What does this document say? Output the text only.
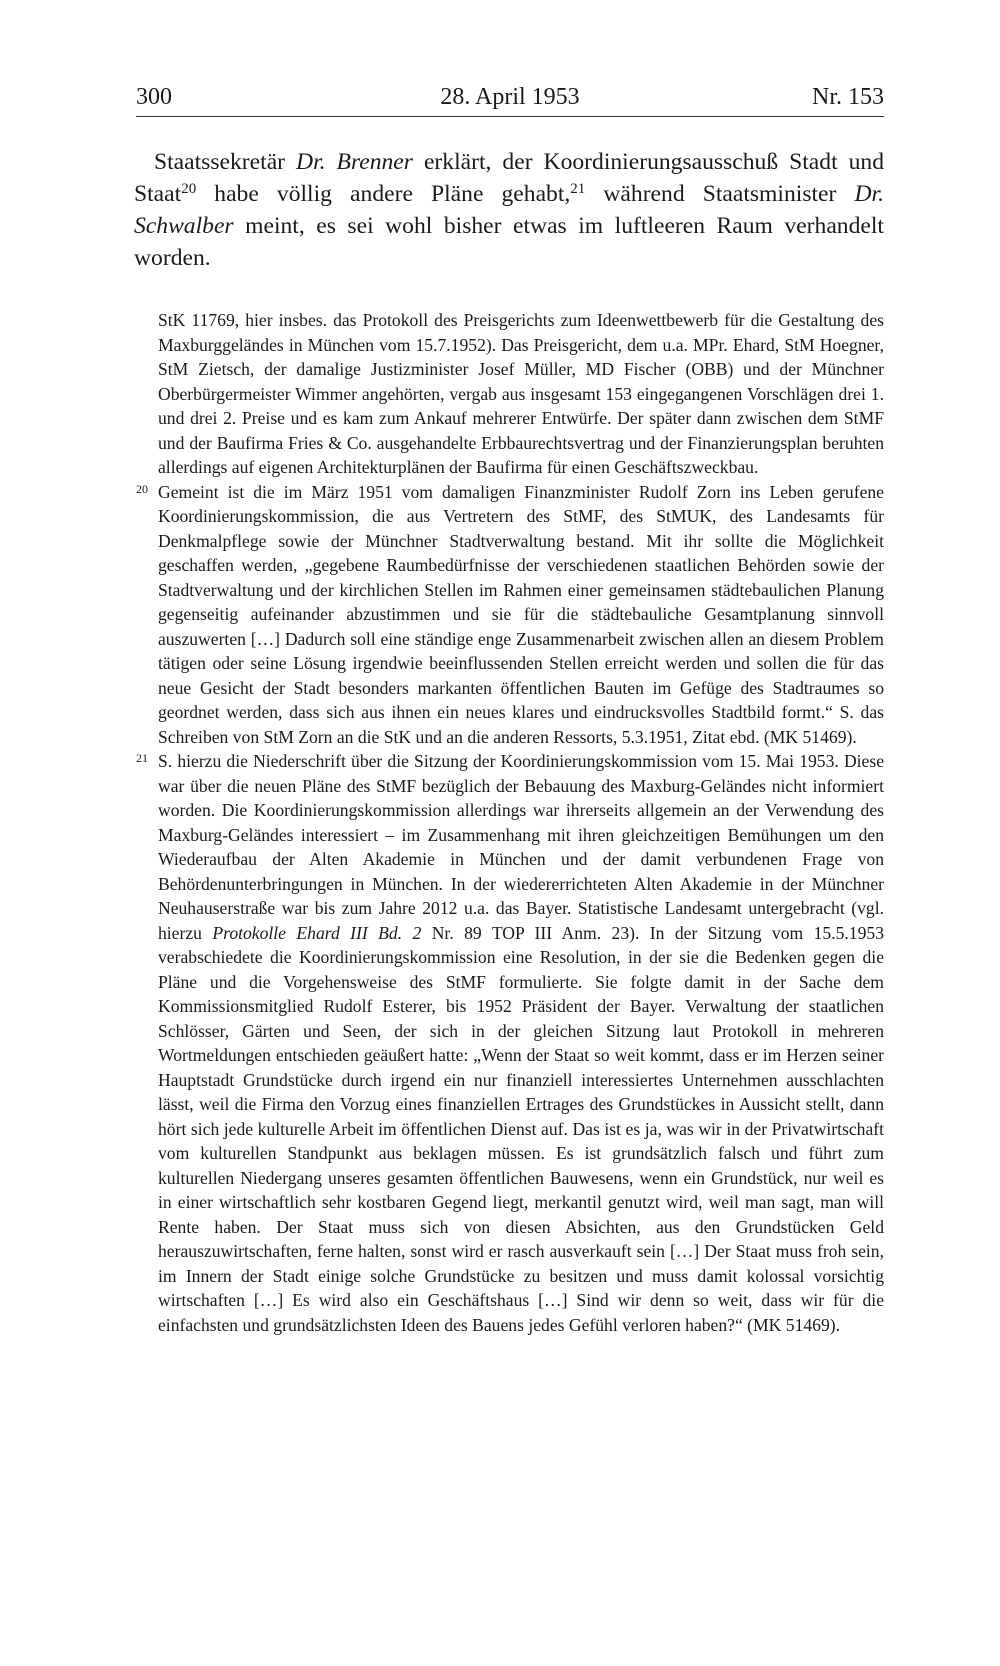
300	28. April 1953	Nr. 153

Staatssekretär Dr. Brenner erklärt, der Koordinierungsausschuß Stadt und Staat$^{20}$ habe völlig andere Pläne gehabt,$^{21}$ während Staatsminister Dr. Schwalber meint, es sei wohl bisher etwas im luftleeren Raum verhandelt worden.

StK 11769, hier insbes. das Protokoll des Preisgerichts zum Ideenwettbewerb für die Gestaltung des Maxburggeländes in München vom 15.7.1952). Das Preisgericht, dem u.a. MPr. Ehard, StM Hoegner, StM Zietsch, der damalige Justizminister Josef Müller, MD Fischer (OBB) und der Münchner Oberbürgermeister Wimmer angehörten, vergab aus insgesamt 153 eingegangenen Vorschlägen drei 1. und drei 2. Preise und es kam zum Ankauf mehrerer Entwürfe. Der später dann zwischen dem StMF und der Baufirma Fries & Co. ausgehandelte Erbbaurechtsvertrag und der Finanzierungsplan beruhten allerdings auf eigenen Architekturplänen der Baufirma für einen Geschäftszweckbau.

20 Gemeint ist die im März 1951 vom damaligen Finanzminister Rudolf Zorn ins Leben gerufene Koordinierungskommission, die aus Vertretern des StMF, des StMUK, des Landesamts für Denkmalpflege sowie der Münchner Stadtverwaltung bestand. Mit ihr sollte die Möglichkeit geschaffen werden, „gegebene Raumbedürfnisse der verschiedenen staatlichen Behörden sowie der Stadtverwaltung und der kirchlichen Stellen im Rahmen einer gemeinsamen städtebaulichen Planung gegenseitig aufeinander abzustimmen und sie für die städtebauliche Gesamtplanung sinnvoll auszuwerten […] Dadurch soll eine ständige enge Zusammenarbeit zwischen allen an diesem Problem tätigen oder seine Lösung irgendwie beeinflussenden Stellen erreicht werden und sollen die für das neue Gesicht der Stadt besonders markanten öffentlichen Bauten im Gefüge des Stadtraumes so geordnet werden, dass sich aus ihnen ein neues klares und eindrucksvolles Stadtbild formt.“ S. das Schreiben von StM Zorn an die StK und an die anderen Ressorts, 5.3.1951, Zitat ebd. (MK 51469).

21 S. hierzu die Niederschrift über die Sitzung der Koordinierungskommission vom 15. Mai 1953. Diese war über die neuen Pläne des StMF bezüglich der Bebauung des Maxburg-Geländes nicht informiert worden. Die Koordinierungskommission allerdings war ihrerseits allgemein an der Verwendung des Maxburg-Geländes interessiert – im Zusammenhang mit ihren gleichzeitigen Bemühungen um den Wiederaufbau der Alten Akademie in München und der damit verbundenen Frage von Behördenunterbringungen in München. In der wiedererrichteten Alten Akademie in der Münchner Neuhauserstraße war bis zum Jahre 2012 u.a. das Bayer. Statistische Landesamt untergebracht (vgl. hierzu Protokolle Ehard III Bd. 2 Nr. 89 TOP III Anm. 23). In der Sitzung vom 15.5.1953 verabschiedete die Koordinierungskommission eine Resolution, in der sie die Bedenken gegen die Pläne und die Vorgehensweise des StMF formulierte. Sie folgte damit in der Sache dem Kommissionsmitglied Rudolf Esterer, bis 1952 Präsident der Bayer. Verwaltung der staatlichen Schlösser, Gärten und Seen, der sich in der gleichen Sitzung laut Protokoll in mehreren Wortmeldungen entschieden geäußert hatte: „Wenn der Staat so weit kommt, dass er im Herzen seiner Hauptstadt Grundstücke durch irgend ein nur finanziell interessiertes Unternehmen ausschlachten lässt, weil die Firma den Vorzug eines finanziellen Ertrages des Grundstückes in Aussicht stellt, dann hört sich jede kulturelle Arbeit im öffentlichen Dienst auf. Das ist es ja, was wir in der Privatwirtschaft vom kulturellen Standpunkt aus beklagen müssen. Es ist grundsätzlich falsch und führt zum kulturellen Niedergang unseres gesamten öffentlichen Bauwesens, wenn ein Grundstück, nur weil es in einer wirtschaftlich sehr kostbaren Gegend liegt, merkantil genutzt wird, weil man sagt, man will Rente haben. Der Staat muss sich von diesen Absichten, aus den Grundstücken Geld herauszuwirtschaften, ferne halten, sonst wird er rasch ausverkauft sein […] Der Staat muss froh sein, im Innern der Stadt einige solche Grundstücke zu besitzen und muss damit kolossal vorsichtig wirtschaften […] Es wird also ein Geschäftshaus […] Sind wir denn so weit, dass wir für die einfachsten und grundsätzlichsten Ideen des Bauens jedes Gefühl verloren haben?“ (MK 51469).
